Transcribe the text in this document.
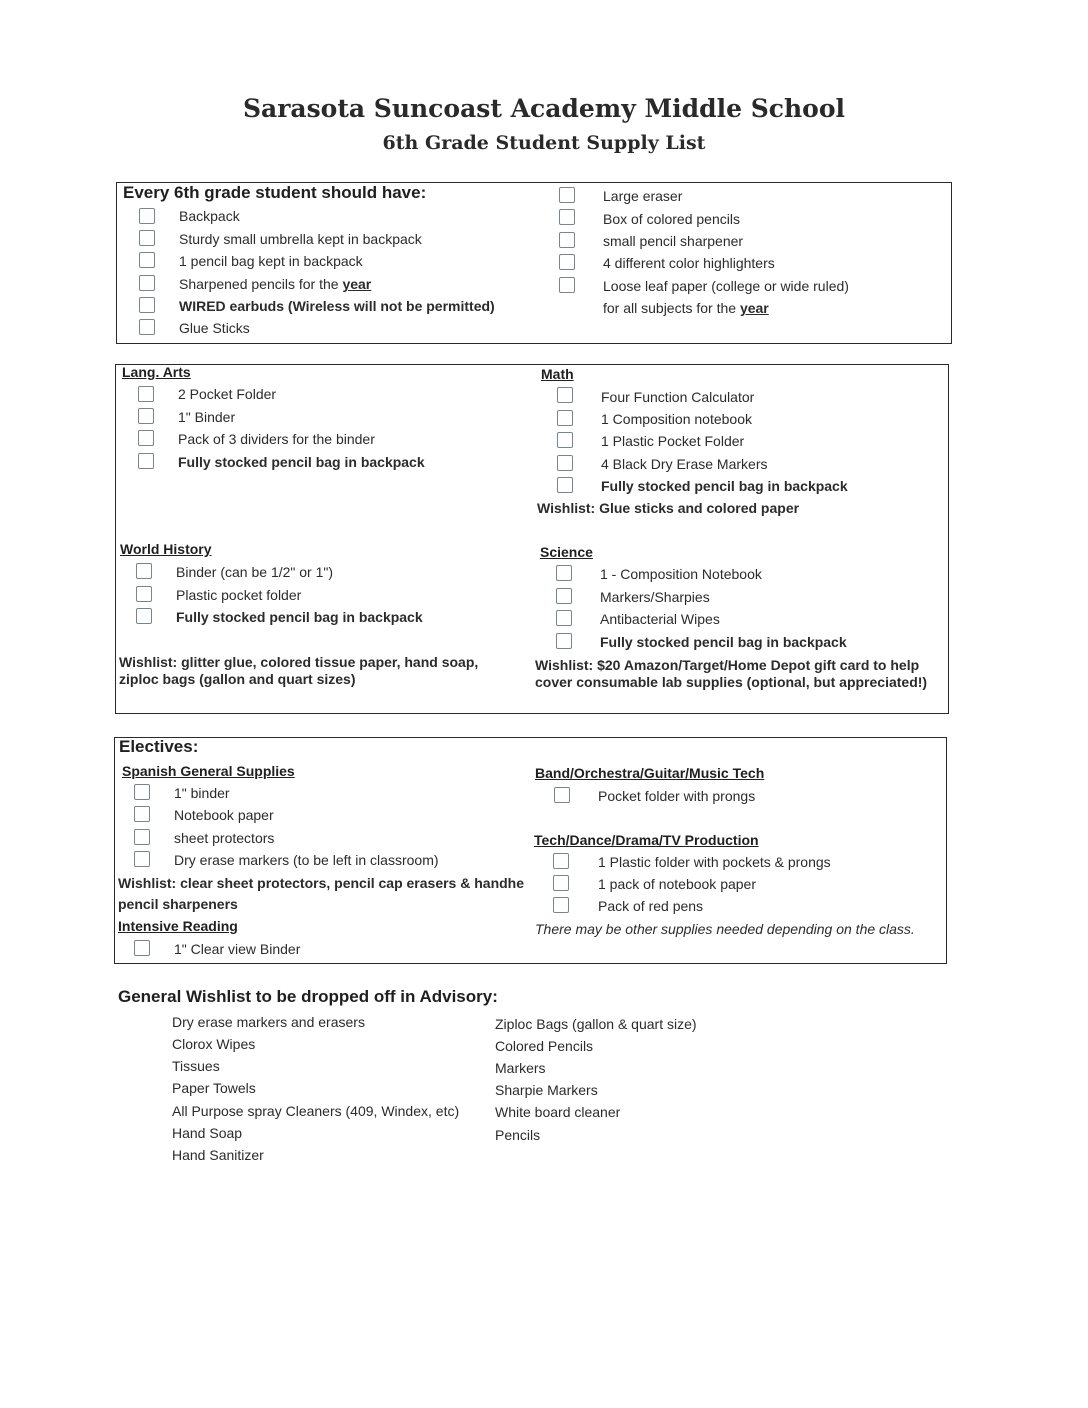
Sarasota Suncoast Academy Middle School
6th Grade Student Supply List
Every 6th grade student should have:
Backpack
Sturdy small umbrella kept in backpack
1 pencil bag kept in backpack
Sharpened pencils for the year
WIRED earbuds (Wireless will not be permitted)
Glue Sticks
Large eraser
Box of colored pencils
small pencil sharpener
4 different color highlighters
Loose leaf paper (college or wide ruled)
for all subjects for the year
Lang. Arts
2 Pocket Folder
1" Binder
Pack of 3 dividers for the binder
Fully stocked pencil bag in backpack
Math
Four Function Calculator
1 Composition notebook
1 Plastic Pocket Folder
4 Black Dry Erase Markers
Fully stocked pencil bag in backpack
Wishlist: Glue sticks and colored paper
World History
Binder (can be 1/2" or 1")
Plastic pocket folder
Fully stocked pencil bag in backpack
Wishlist: glitter glue, colored tissue paper, hand soap,
ziploc bags (gallon and quart sizes)
Science
1 - Composition Notebook
Markers/Sharpies
Antibacterial Wipes
Fully stocked pencil bag in backpack
Wishlist: $20 Amazon/Target/Home Depot gift card to help
cover consumable lab supplies (optional, but appreciated!)
Electives:
Spanish General Supplies
1" binder
Notebook paper
sheet protectors
Dry erase markers (to be left in classroom)
Wishlist: clear sheet protectors, pencil cap erasers & handhe
pencil sharpeners
Intensive Reading
1" Clear view Binder
Band/Orchestra/Guitar/Music Tech
Pocket folder with prongs
Tech/Dance/Drama/TV Production
1 Plastic folder with pockets & prongs
1 pack of notebook paper
Pack of red pens
There may be other supplies needed depending on the class.
General Wishlist to be dropped off in Advisory:
Dry erase markers and erasers
Clorox Wipes
Tissues
Paper Towels
All Purpose spray Cleaners (409, Windex, etc)
Hand Soap
Hand Sanitizer
Ziploc Bags (gallon & quart size)
Colored Pencils
Markers
Sharpie Markers
White board cleaner
Pencils
